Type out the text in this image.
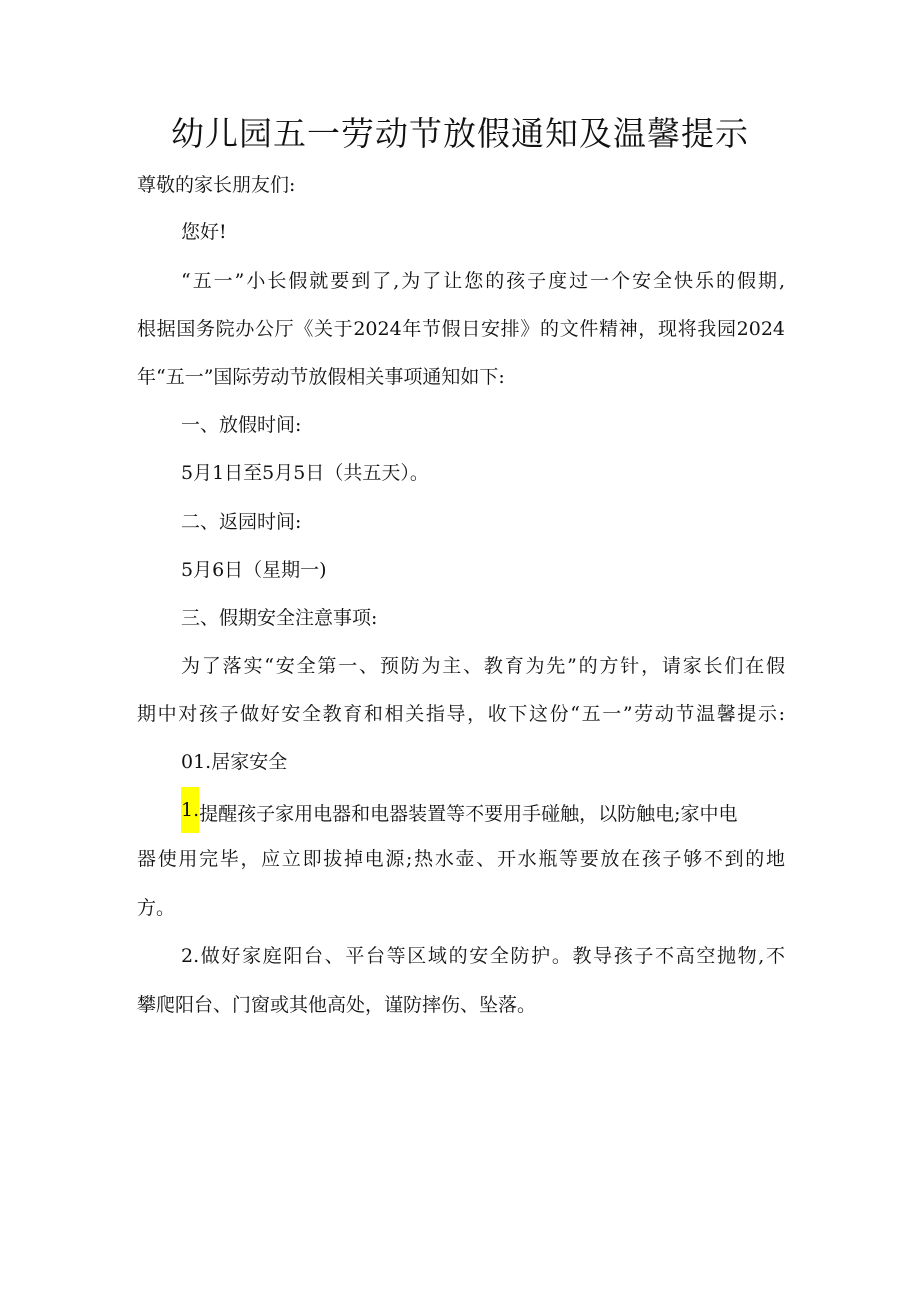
幼儿园五一劳动节放假通知及温馨提示
尊敬的家长朋友们:
您好!
“五一”小长假就要到了,为了让您的孩子度过一个安全快乐的假期,
根据国务院办公厅《关于2024年节假日安排》的文件精神，现将我园2024
年“五一”国际劳动节放假相关事项通知如下:
一、放假时间:
5月1日至5月5日（共五天）。
二、返园时间:
5月6日（星期一)
三、假期安全注意事项:
为了落实“安全第一、预防为主、教育为先”的方针，请家长们在假
期中对孩子做好安全教育和相关指导，收下这份“五一”劳动节温馨提示:
01.居家安全
1.提醒孩子家用电器和电器装置等不要用手碰触，以防触电;家中电
器使用完毕，应立即拔掉电源;热水壶、开水瓶等要放在孩子够不到的地
方。
2.做好家庭阳台、平台等区域的安全防护。教导孩子不高空抛物,不
攀爬阳台、门窗或其他高处，谨防摔伤、坠落。
